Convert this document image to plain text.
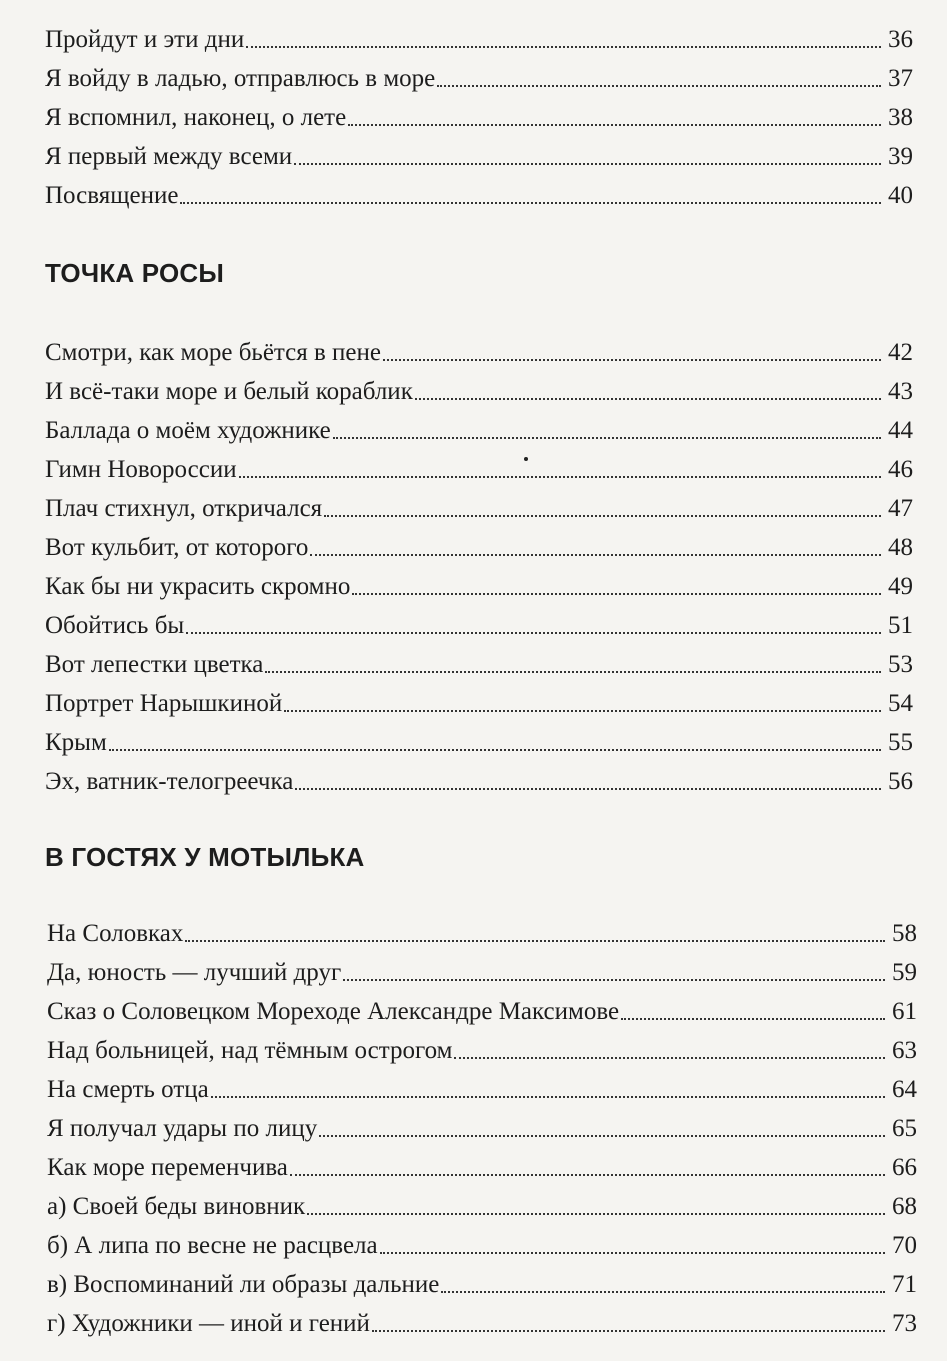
Пройдут и эти дни	36
Я войду в ладью, отправлюсь в море	37
Я вспомнил, наконец, о лете	38
Я первый между всеми	39
Посвящение	40
ТОЧКА РОСЫ
Смотри, как море бьётся в пене	42
И всё-таки море и белый кораблик	43
Баллада о моём художнике	44
Гимн Новороссии	46
Плач стихнул, откричался	47
Вот кульбит, от которого	48
Как бы ни украсить скромно	49
Обойтись бы	51
Вот лепестки цветка	53
Портрет Нарышкиной	54
Крым	55
Эх, ватник-телогреечка	56
В ГОСТЯХ У МОТЫЛЬКА
На Соловках	58
Да, юность — лучший друг	59
Сказ о Соловецком Мореходе Александре Максимове	61
Над больницей, над тёмным острогом	63
На смерть отца	64
Я получал удары по лицу	65
Как море переменчива	66
а) Своей беды виновник	68
б) А липа по весне не расцвела	70
в) Воспоминаний ли образы дальние	71
г) Художники — иной и гений	73
